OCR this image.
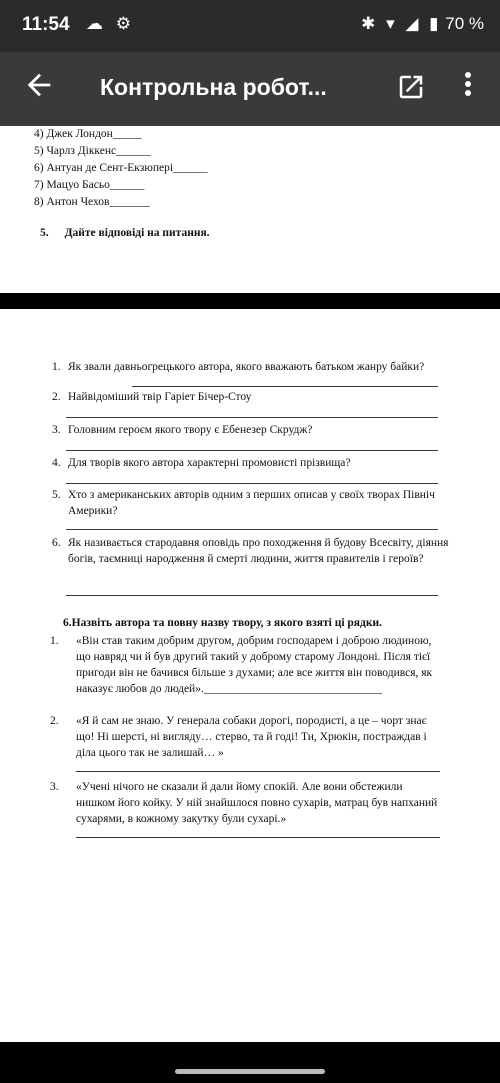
11:54 ☁ ⚙	✱ ▾ ◢ ▮ 70 %
Контрольна робот...
4) Джек Лондон_____
5) Чарлз Діккенс______
6) Антуан де Сент-Екзюпері______
7) Мацуо Басьо______
8) Антон Чехов_______
5. Дайте відповіді на питання.
1. Як звали давньогрецького автора, якого вважають батьком жанру байки?
2. Найвідоміший твір Гаріет Бічер-Стоу
3. Головним героєм якого твору є Ебенезер Скрудж?
4. Для творів якого автора характерні промовисті прізвища?
5. Хто з американських авторів одним з перших описав у своїх творах Північ Америки?
6. Як називається стародавня оповідь про походження й будову Всесвіту, діяння богів, таємниці народження й смерті людини, життя правителів і героїв?
6.Назвіть автора та повну назву твору, з якого взяті ці рядки.
1. «Він став таким добрим другом, добрим господарем і доброю людиною, що навряд чи й був другий такий у доброму старому Лондоні. Після тієї пригоди він не бачився більше з духами; але все життя він поводився, як наказує любов до людей»._______________________________
2. «Я й сам не знаю. У генерала собаки дорогі, породисті, а це – чорт знає що! Ні шерсті, ні вигляду… стерво, та й годі! Ти, Хрюкін, постраждав і діла цього так не залишай… »
3. «Учені нічого не сказали й дали йому спокій. Але вони обстежили нишком його койку. У ній знайшлося повно сухарів, матрац був напханий сухарями, в кожному закутку були сухарі.»
